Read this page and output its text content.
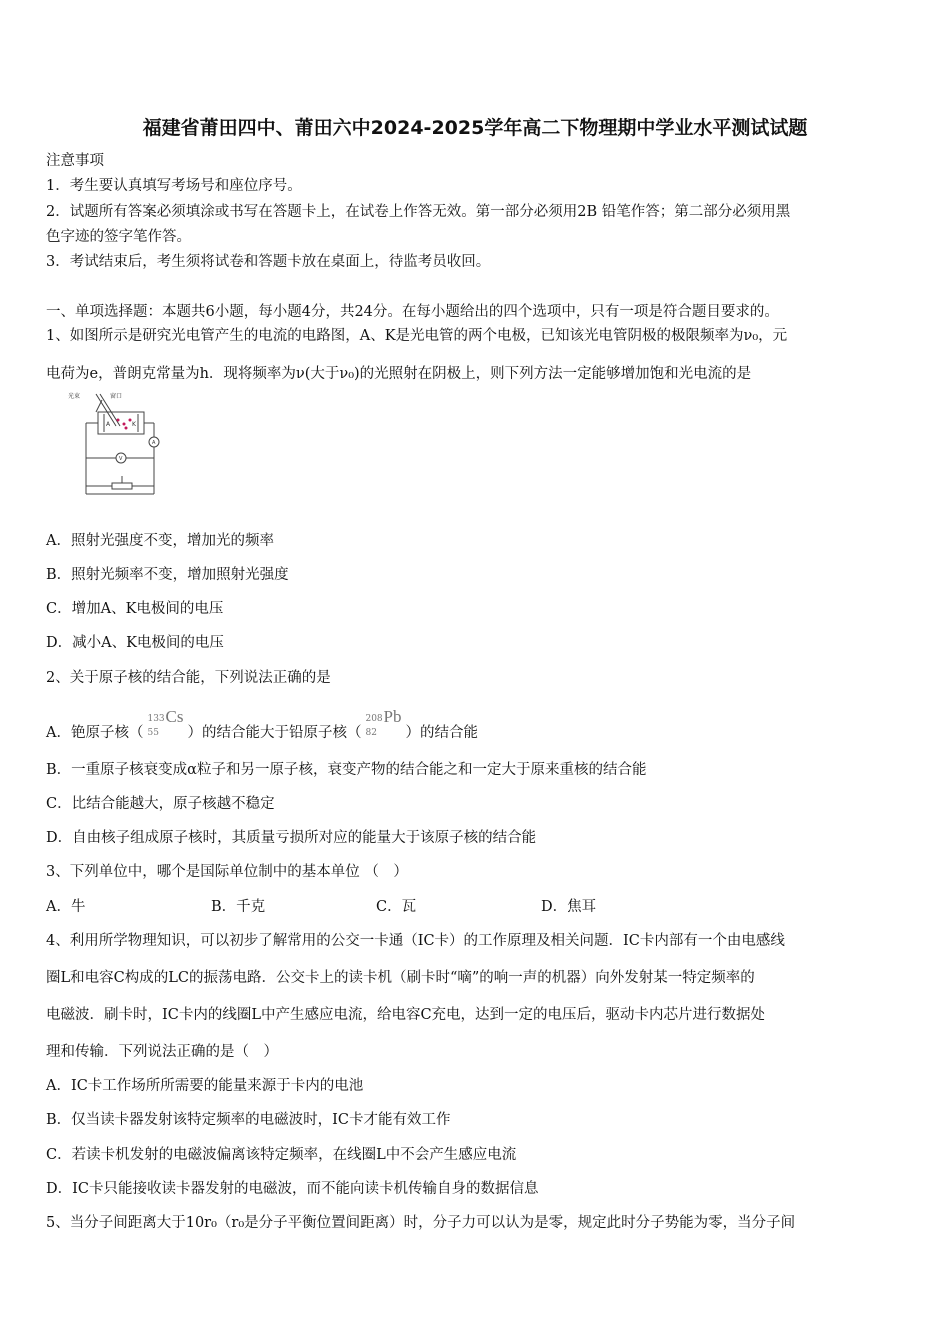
福建省莆田四中、莆田六中2024-2025学年高二下物理期中学业水平测试试题
注意事项
1．考生要认真填写考场号和座位序号。
2．试题所有答案必须填涂或书写在答题卡上，在试卷上作答无效。第一部分必须用2B 铅笔作答；第二部分必须用黑
色字迹的签字笔作答。
3．考试结束后，考生须将试卷和答题卡放在桌面上，待监考员收回。
一、单项选择题：本题共6小题，每小题4分，共24分。在每小题给出的四个选项中，只有一项是符合题目要求的。
1、如图所示是研究光电管产生的电流的电路图，A、K是光电管的两个电极，已知该光电管阴极的极限频率为ν₀，元
电荷为e，普朗克常量为h．现将频率为ν(大于ν₀)的光照射在阴极上，则下列方法一定能够增加饱和光电流的是
光束	窗口
A	K
A
V
A．照射光强度不变，增加光的频率
B．照射光频率不变，增加照射光强度
C．增加A、K电极间的电压
D．减小A、K电极间的电压
2、关于原子核的结合能，下列说法正确的是
A．铯原子核（
133
55
Cs
）的结合能大于铅原子核（
208
82
Pb
）的结合能
B．一重原子核衰变成α粒子和另一原子核，衰变产物的结合能之和一定大于原来重核的结合能
C．比结合能越大，原子核越不稳定
D．自由核子组成原子核时，其质量亏损所对应的能量大于该原子核的结合能
3、下列单位中，哪个是国际单位制中的基本单位 （　）
A．牛	B．千克	C．瓦	D．焦耳
4、利用所学物理知识，可以初步了解常用的公交一卡通（IC卡）的工作原理及相关问题．IC卡内部有一个由电感线
圈L和电容C构成的LC的振荡电路．公交卡上的读卡机（刷卡时“嘀”的响一声的机器）向外发射某一特定频率的
电磁波．刷卡时，IC卡内的线圈L中产生感应电流，给电容C充电，达到一定的电压后，驱动卡内芯片进行数据处
理和传输．下列说法正确的是（　）
A．IC卡工作场所所需要的能量来源于卡内的电池
B．仅当读卡器发射该特定频率的电磁波时，IC卡才能有效工作
C．若读卡机发射的电磁波偏离该特定频率，在线圈L中不会产生感应电流
D．IC卡只能接收读卡器发射的电磁波，而不能向读卡机传输自身的数据信息
5、当分子间距离大于10r₀（r₀是分子平衡位置间距离）时，分子力可以认为是零，规定此时分子势能为零，当分子间
